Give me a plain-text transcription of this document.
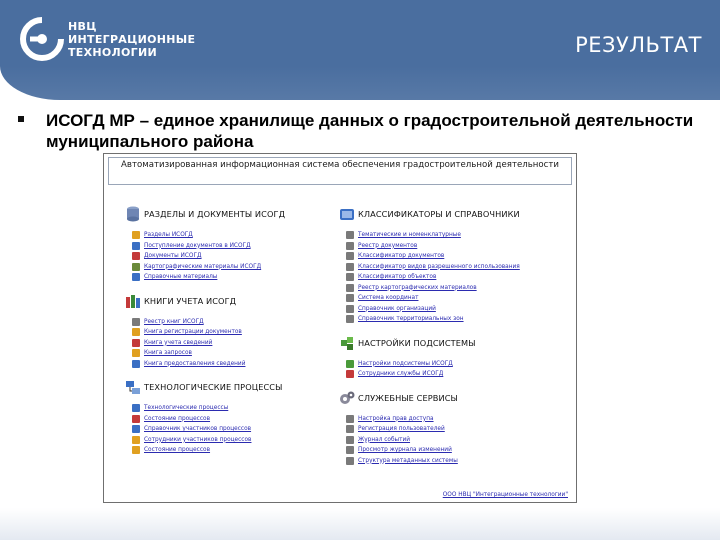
НВЦ
ИНТЕГРАЦИОННЫЕ
ТЕХНОЛОГИИ	РЕЗУЛЬТАТ
ИСОГД МР – единое хранилище данных о градостроительной деятельности муниципального района
Автоматизированная информационная система обеспечения градостроительной деятельности
РАЗДЕЛЫ И ДОКУМЕНТЫ ИСОГД
Разделы ИСОГД
Поступление документов в ИСОГД
Документы ИСОГД
Картографические материалы ИСОГД
Справочные материалы
КНИГИ УЧЕТА ИСОГД
Реестр книг ИСОГД
Книга регистрации документов
Книга учета сведений
Книга запросов
Книга предоставления сведений
ТЕХНОЛОГИЧЕСКИЕ ПРОЦЕССЫ
Технологические процессы
Состояние процессов
Справочник участников процессов
Сотрудники участников процессов
Состояние процессов
КЛАССИФИКАТОРЫ И СПРАВОЧНИКИ
Тематические и номенклатурные
Реестр документов
Классификатор документов
Классификатор видов разрешенного использования
Классификатор объектов
Реестр картографических материалов
Система координат
Справочник организаций
Справочник территориальных зон
НАСТРОЙКИ ПОДСИСТЕМЫ
Настройки подсистемы ИСОГД
Сотрудники службы ИСОГД
СЛУЖЕБНЫЕ СЕРВИСЫ
Настройка прав доступа
Регистрация пользователей
Журнал событий
Просмотр журнала изменений
Структура метаданных системы
ООО НВЦ "Интеграционные технологии"
